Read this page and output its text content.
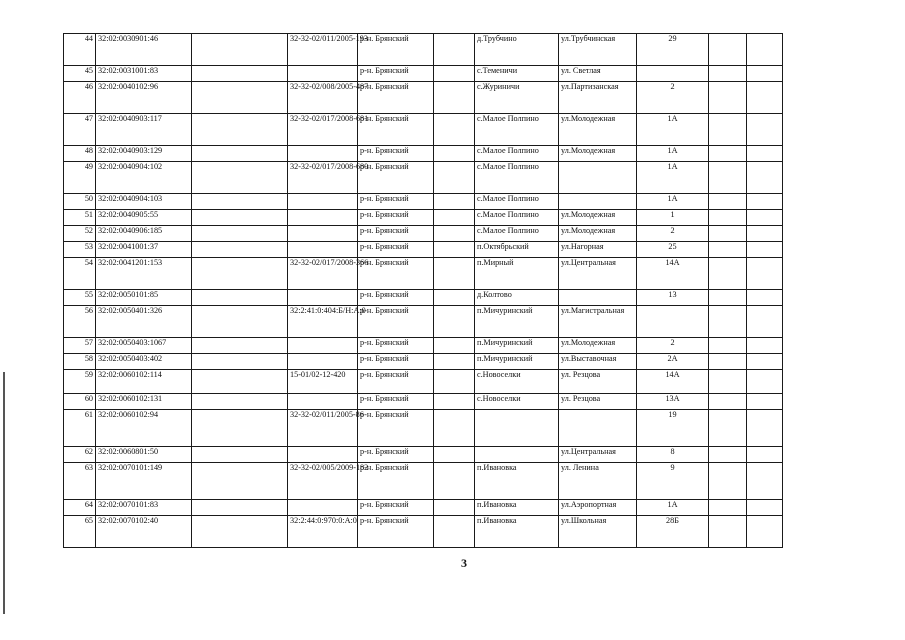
44	32:02:0030901:46		32-32-02/011/2005-193	р-н. Брянский		д.Трубчино	ул.Трубчинская	29		
45	32:02:0031001:83			р-н. Брянский		с.Теменичи	ул. Светлая			
46	32:02:0040102:96		32-32-02/008/2005-487	р-н. Брянский		с.Журиничи	ул.Партизанская	2		
47	32:02:0040903:117		32-32-02/017/2008-681	р-н. Брянский		с.Малое Полпино	ул.Молодежная	1А		
48	32:02:0040903:129			р-н. Брянский		с.Малое Полпино	ул.Молодежная	1А		
49	32:02:0040904:102		32-32-02/017/2008-680	р-н. Брянский		с.Малое Полпино		1А		
50	32:02:0040904:103			р-н. Брянский		с.Малое Полпино		1А		
51	32:02:0040905:55			р-н. Брянский		с.Малое Полпино	ул.Молодежная	1		
52	32:02:0040906:185			р-н. Брянский		с.Малое Полпино	ул.Молодежная	2		
53	32:02:0041001:37			р-н. Брянский		п.Октябрьский	ул.Нагорная	25		
54	32:02:0041201:153		32-32-02/017/2008-366	р-н. Брянский		п.Мирный	ул.Центральная	14А		
55	32:02:0050101:85			р-н. Брянский		д.Колтово		13		
56	32:02:0050401:326		32:2:41:0:404:Б/Н:А:0	р-н. Брянский		п.Мичуринский	ул.Магистральная			
57	32:02:0050403:1067			р-н. Брянский		п.Мичуринский	ул.Молодежная	2		
58	32:02:0050403:402			р-н. Брянский		п.Мичуринский	ул.Выставочная	2А		
59	32:02:0060102:114		15-01/02-12-420	р-н. Брянский		с.Новоселки	ул. Резцова	14А		
60	32:02:0060102:131			р-н. Брянский		с.Новоселки	ул. Резцова	13А		
61	32:02:0060102:94		32-32-02/011/2005-86	р-н. Брянский				19		
62	32:02:0060801:50			р-н. Брянский			ул.Центральная	8		
63	32:02:0070101:149		32-32-02/005/2009-182	р-н. Брянский		п.Ивановка	ул. Ленина	9		
64	32:02:0070101:83			р-н. Брянский		п.Ивановка	ул.Аэропортная	1А		
65	32:02:0070102:40		32:2:44:0:970:0:А:0	р-н. Брянский		п.Ивановка	ул.Школьная	28Б		
3
